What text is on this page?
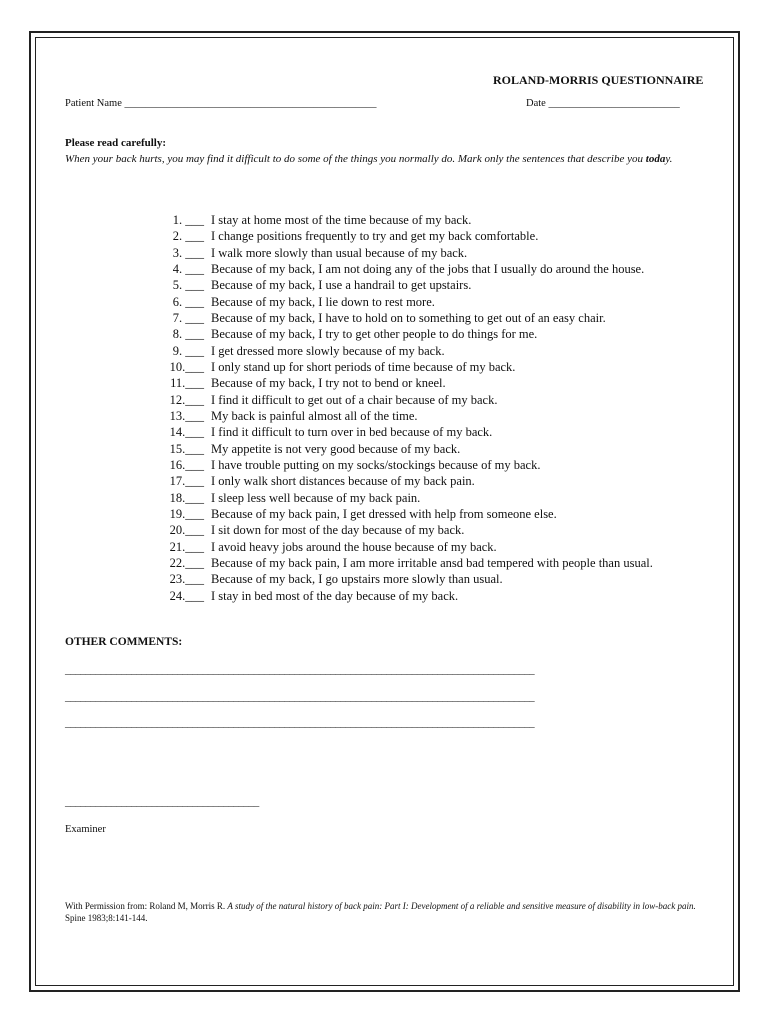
ROLAND-MORRIS QUESTIONNAIRE
Patient Name ________________________________________________	Date _________________________
Please read carefully:
When your back hurts, you may find it difficult to do some of the things you normally do. Mark only the sentences that describe you today.
1. ___ I stay at home most of the time because of my back.
2. ___ I change positions frequently to try and get my back comfortable.
3. ___ I walk more slowly than usual because of my back.
4. ___ Because of my back, I am not doing any of the jobs that I usually do around the house.
5. ___ Because of my back, I use a handrail to get upstairs.
6. ___ Because of my back, I lie down to rest more.
7. ___ Because of my back, I have to hold on to something to get out of an easy chair.
8. ___ Because of my back, I try to get other people to do things for me.
9. ___ I get dressed more slowly because of my back.
10.___ I only stand up for short periods of time because of my back.
11.___ Because of my back, I try not to bend or kneel.
12.___ I find it difficult to get out of a chair because of my back.
13.___ My back is painful almost all of the time.
14.___ I find it difficult to turn over in bed because of my back.
15.___ My appetite is not very good because of my back.
16.___ I have trouble putting on my socks/stockings because of my back.
17.___ I only walk short distances because of my back pain.
18.___ I sleep less well because of my back pain.
19.___ Because of my back pain, I get dressed with help from someone else.
20.___ I sit down for most of the day because of my back.
21.___ I avoid heavy jobs around the house because of my back.
22.___ Because of my back pain, I am more irritable ansd bad tempered with people than usual.
23.___ Because of my back, I go upstairs more slowly than usual.
24.___ I stay in bed most of the day because of my back.
OTHER COMMENTS:
____________________________________________________________________________________________
____________________________________________________________________________________________
____________________________________________________________________________________________
______________________________________
Examiner
With Permission from: Roland M, Morris R. A study of the natural history of back pain: Part I: Development of a reliable and sensitive measure of disability in low-back pain. Spine 1983;8:141-144.
